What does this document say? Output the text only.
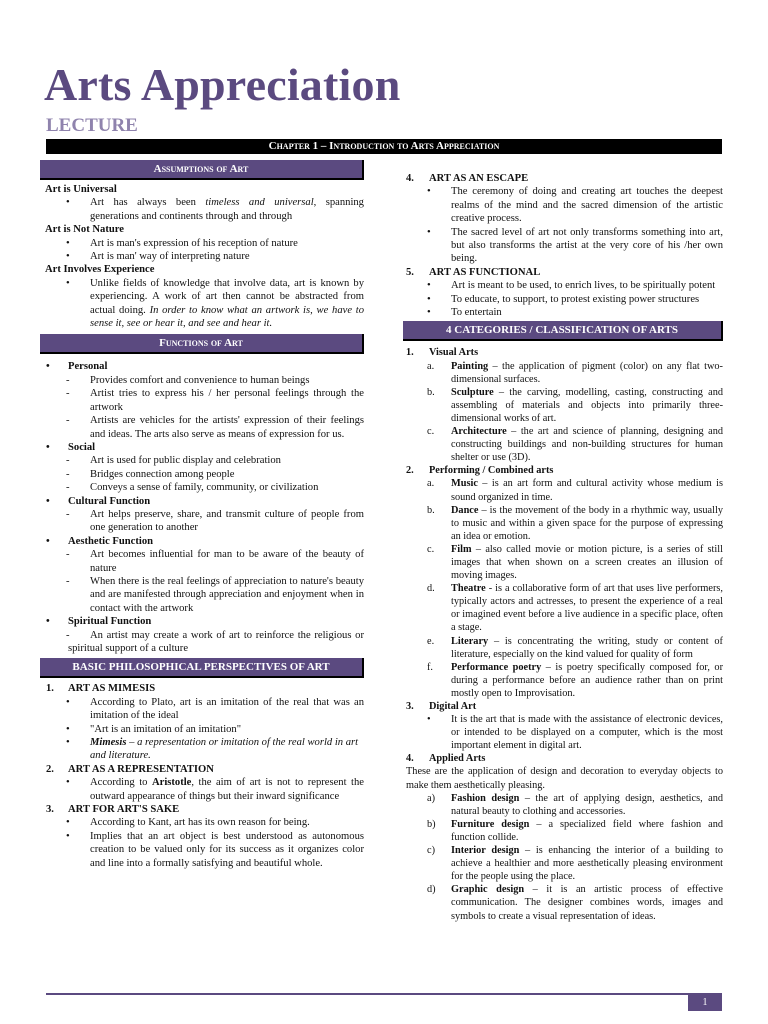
Arts Appreciation
LECTURE
Chapter 1 – Introduction to Arts Appreciation
Assumptions of Art

Art is Universal

• Art has always been timeless and universal, spanning generations and continents through and through

Art is Not Nature

• Art is man's expression of his reception of nature

• Art is man' way of interpreting nature

Art Involves Experience

• Unlike fields of knowledge that involve data, art is known by experiencing. A work of art then cannot be abstracted from actual doing. In order to know what an artwork is, we have to sense it, see or hear it, and see and hear it.

Functions of Art

• Personal

- Provides comfort and convenience to human beings

- Artist tries to express his / her personal feelings through the artwork

- Artists are vehicles for the artists' expression of their feelings and ideas. The arts also serve as means of expression for us.

• Social

- Art is used for public display and celebration

- Bridges connection among people

- Conveys a sense of family, community, or civilization

• Cultural Function

- Art helps preserve, share, and transmit culture of people from one generation to another

• Aesthetic Function

- Art becomes influential for man to be aware of the beauty of nature

- When there is the real feelings of appreciation to nature's beauty and are manifested through appreciation and enjoyment when in contact with the artwork

• Spiritual Function

- An artist may create a work of art to reinforce the religious or spiritual support of a culture

BASIC PHILOSOPHICAL PERSPECTIVES OF ART

1. ART AS MIMESIS

• According to Plato, art is an imitation of the real that was an imitation of the ideal

• "Art is an imitation of an imitation"

• Mimesis – a representation or imitation of the real world in art and literature.

2. ART AS A REPRESENTATION

• According to Aristotle, the aim of art is not to represent the outward appearance of things but their inward significance

3. ART FOR ART'S SAKE

• According to Kant, art has its own reason for being.

• Implies that an art object is best understood as autonomous creation to be valued only for its success as it organizes color and line into a formally satisfying and beautiful whole.

4. ART AS AN ESCAPE

• The ceremony of doing and creating art touches the deepest realms of the mind and the sacred dimension of the artistic creative process.

• The sacred level of art not only transforms something into art, but also transforms the artist at the very core of his /her own being.

5. ART AS FUNCTIONAL

• Art is meant to be used, to enrich lives, to be spiritually potent

• To educate, to support, to protest existing power structures

• To entertain

4 CATEGORIES / CLASSIFICATION OF ARTS

1. Visual Arts

a. Painting – the application of pigment (color) on any flat two-dimensional surfaces.

b. Sculpture – the carving, modelling, casting, constructing and assembling of materials and objects into primarily three-dimensional works of art.

c. Architecture – the art and science of planning, designing and constructing buildings and non-building structures for human shelter or use (3D).

2. Performing / Combined arts

a. Music – is an art form and cultural activity whose medium is sound organized in time.

b. Dance – is the movement of the body in a rhythmic way, usually to music and within a given space for the purpose of expressing an idea or emotion.

c. Film – also called movie or motion picture, is a series of still images that when shown on a screen creates an illusion of moving images.

d. Theatre - is a collaborative form of art that uses live performers, typically actors and actresses, to present the experience of a real or imagined event before a live audience in a specific place, often a stage.

e. Literary – is concentrating the writing, study or content of literature, especially on the kind valued for quality of form

f. Performance poetry – is poetry specifically composed for, or during a performance before an audience rather than on print mostly open to Improvisation.

3. Digital Art

• It is the art that is made with the assistance of electronic devices, or intended to be displayed on a computer, which is the most important element in digital art.

4. Applied Arts

These are the application of design and decoration to everyday objects to make them aesthetically pleasing.

a) Fashion design – the art of applying design, aesthetics, and natural beauty to clothing and accessories.

b) Furniture design – a specialized field where fashion and function collide.

c) Interior design – is enhancing the interior of a building to achieve a healthier and more aesthetically pleasing environment for the people using the place.

d) Graphic design – it is an artistic process of effective communication. The designer combines words, images and symbols to create a visual representation of ideas.

1
